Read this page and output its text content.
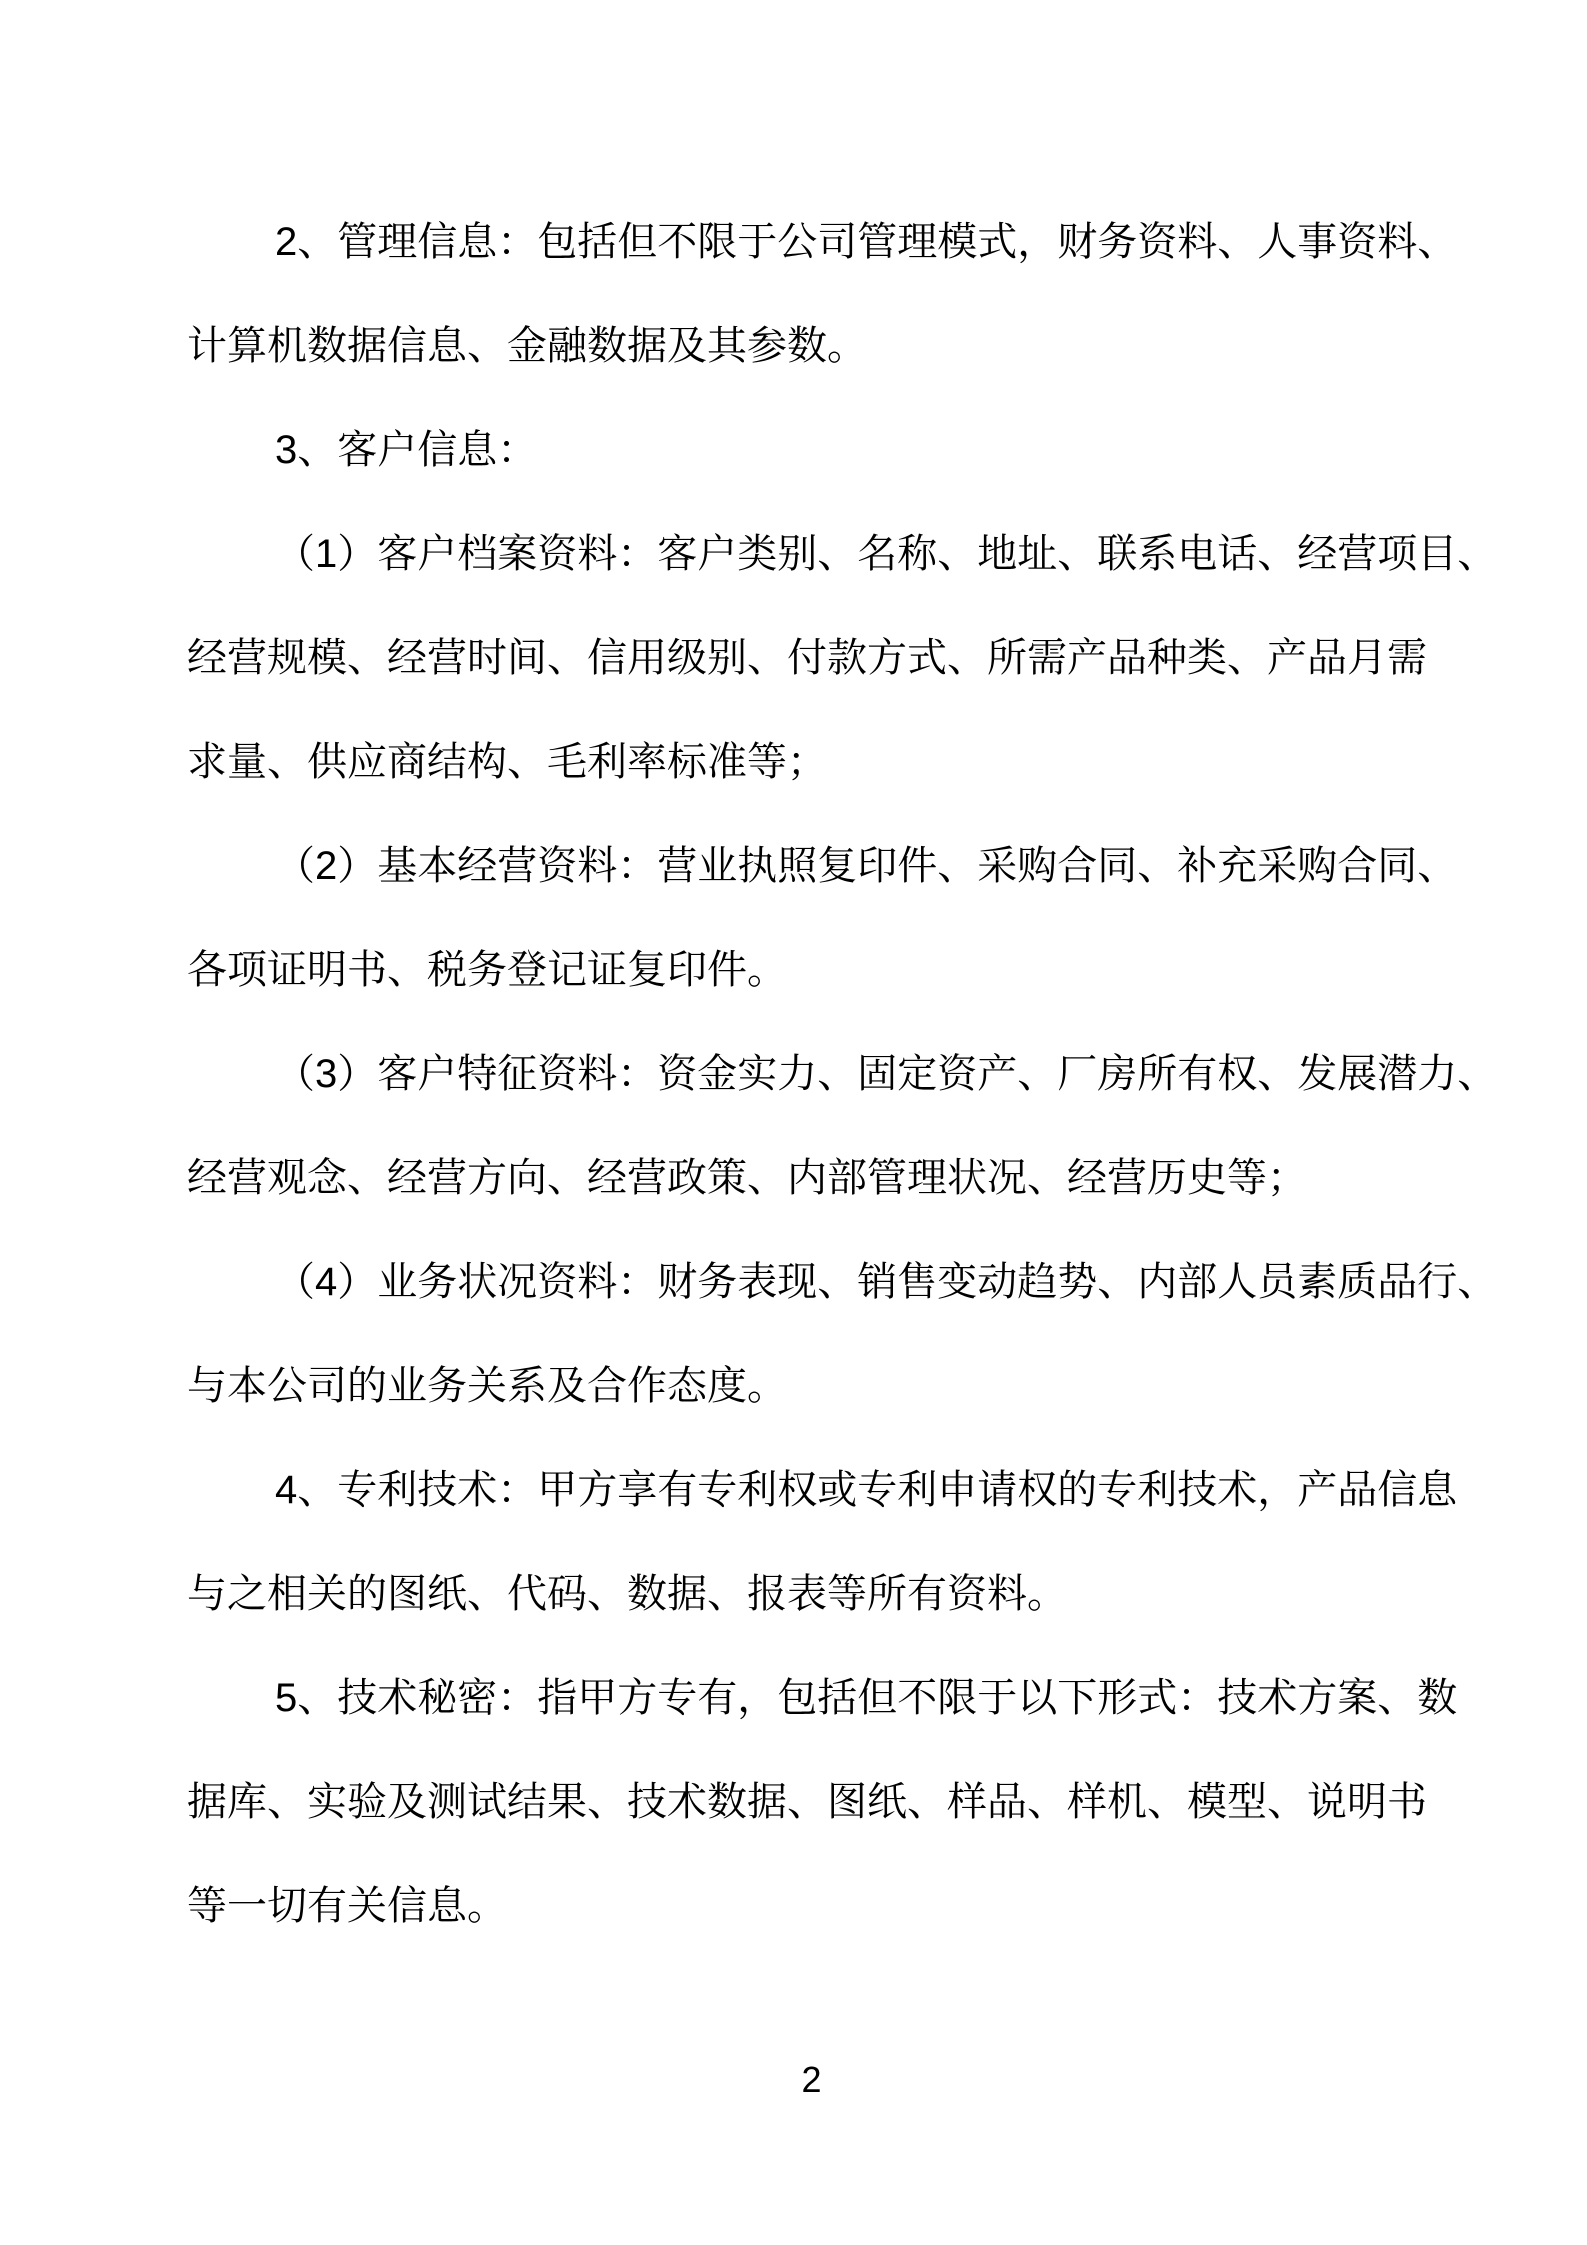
2、管理信息：包括但不限于公司管理模式，财务资料、人事资料、
计算机数据信息、金融数据及其参数。
3、客户信息：
（1）客户档案资料：客户类别、名称、地址、联系电话、经营项目、
经营规模、经营时间、信用级别、付款方式、所需产品种类、产品月需
求量、供应商结构、毛利率标准等；
（2）基本经营资料：营业执照复印件、采购合同、补充采购合同、
各项证明书、税务登记证复印件。
（3）客户特征资料：资金实力、固定资产、厂房所有权、发展潜力、
经营观念、经营方向、经营政策、内部管理状况、经营历史等；
（4）业务状况资料：财务表现、销售变动趋势、内部人员素质品行、
与本公司的业务关系及合作态度。
4、专利技术：甲方享有专利权或专利申请权的专利技术，产品信息
与之相关的图纸、代码、数据、报表等所有资料。
5、技术秘密：指甲方专有，包括但不限于以下形式：技术方案、数
据库、实验及测试结果、技术数据、图纸、样品、样机、模型、说明书
等一切有关信息。
2
